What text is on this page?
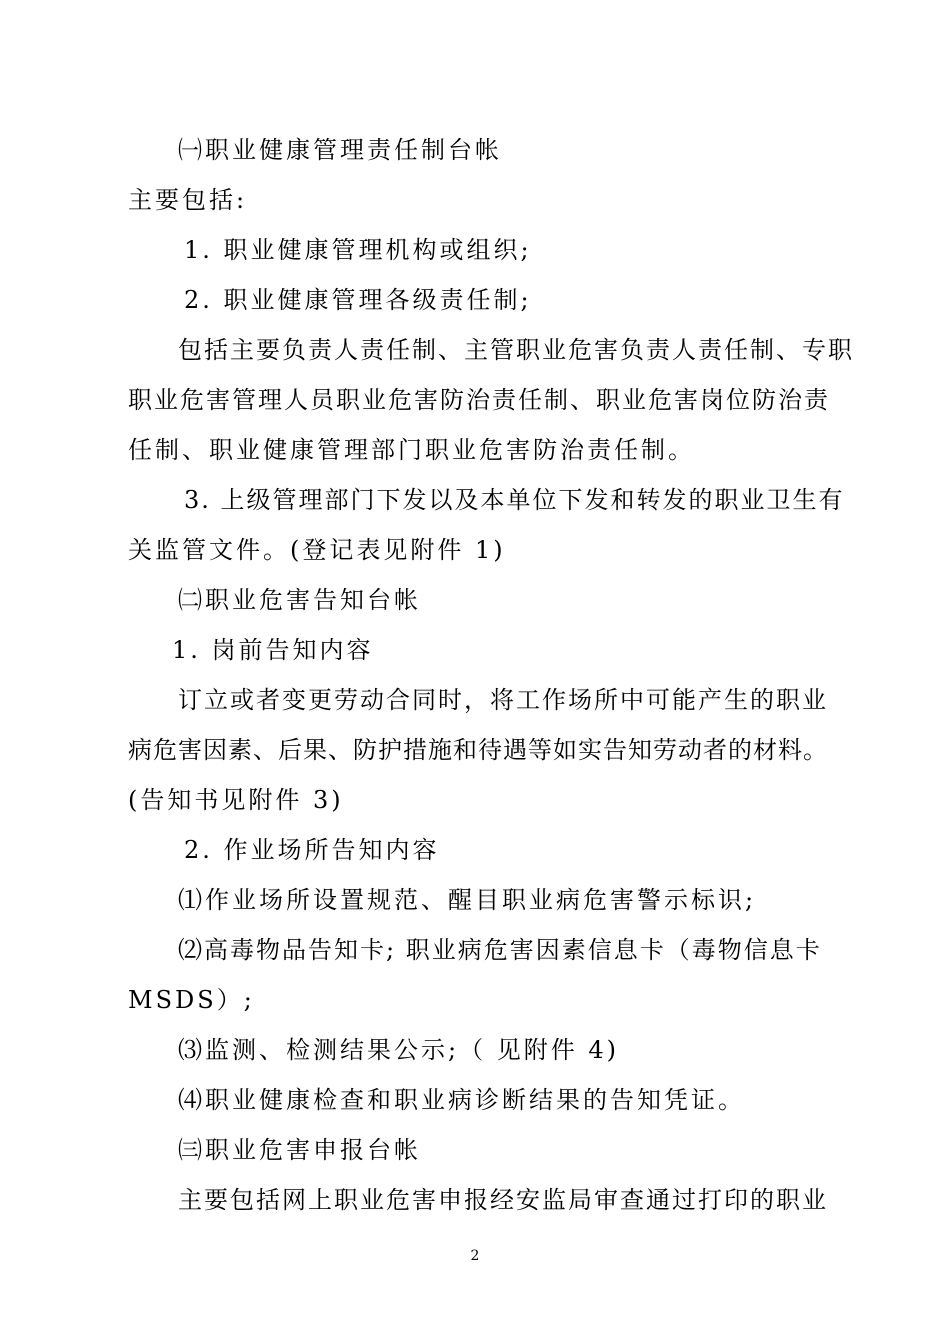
㈠职业健康管理责任制台帐
主要包括:
1. 职业健康管理机构或组织;
2. 职业健康管理各级责任制;
包括主要负责人责任制、主管职业危害负责人责任制、专职
职业危害管理人员职业危害防治责任制、职业危害岗位防治责
任制、职业健康管理部门职业危害防治责任制。
3. 上级管理部门下发以及本单位下发和转发的职业卫生有
关监管文件。(登记表见附件 1)
㈡职业危害告知台帐
1. 岗前告知内容
订立或者变更劳动合同时，将工作场所中可能产生的职业
病危害因素、后果、防护措施和待遇等如实告知劳动者的材料。
(告知书见附件 3)
2. 作业场所告知内容
⑴作业场所设置规范、醒目职业病危害警示标识;
⑵高毒物品告知卡; 职业病危害因素信息卡（毒物信息卡
MSDS）;
⑶监测、检测结果公示;（ 见附件 4)
⑷职业健康检查和职业病诊断结果的告知凭证。
㈢职业危害申报台帐
主要包括网上职业危害申报经安监局审查通过打印的职业
2
